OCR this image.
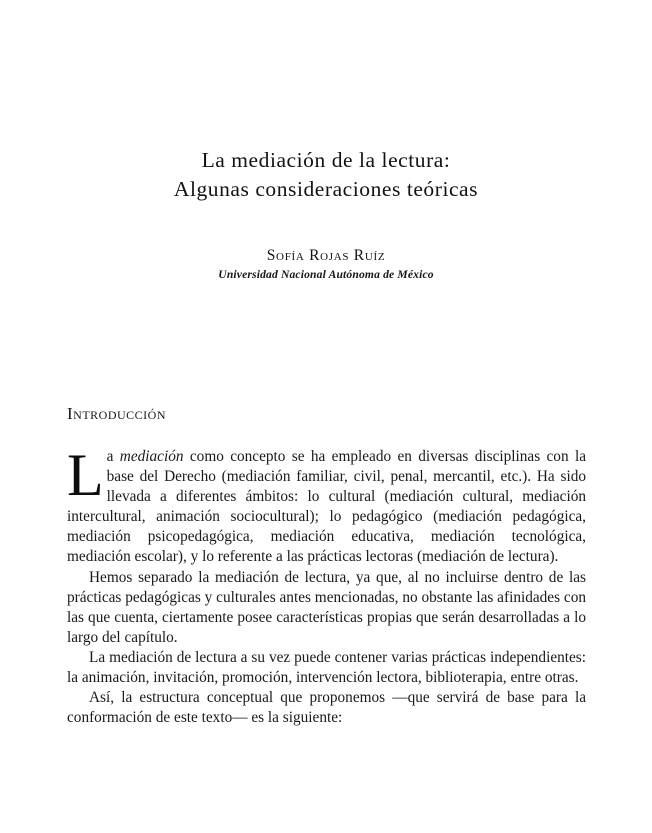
La mediación de la lectura:
Algunas consideraciones teóricas
Sofía Rojas Ruíz
Universidad Nacional Autónoma de México
Introducción

La mediación como concepto se ha empleado en diversas disciplinas con la base del Derecho (mediación familiar, civil, penal, mercantil, etc.). Ha sido llevada a diferentes ámbitos: lo cultural (mediación cultural, mediación intercultural, animación sociocultural); lo pedagógico (mediación pedagógica, mediación psicopedagógica, mediación educativa, mediación tecnológica, mediación escolar), y lo referente a las prácticas lectoras (mediación de lectura).

Hemos separado la mediación de lectura, ya que, al no incluirse dentro de las prácticas pedagógicas y culturales antes mencionadas, no obstante las afinidades con las que cuenta, ciertamente posee características propias que serán desarrolladas a lo largo del capítulo.

La mediación de lectura a su vez puede contener varias prácticas independientes: la animación, invitación, promoción, intervención lectora, biblioterapia, entre otras.

Así, la estructura conceptual que proponemos —que servirá de base para la conformación de este texto— es la siguiente:
